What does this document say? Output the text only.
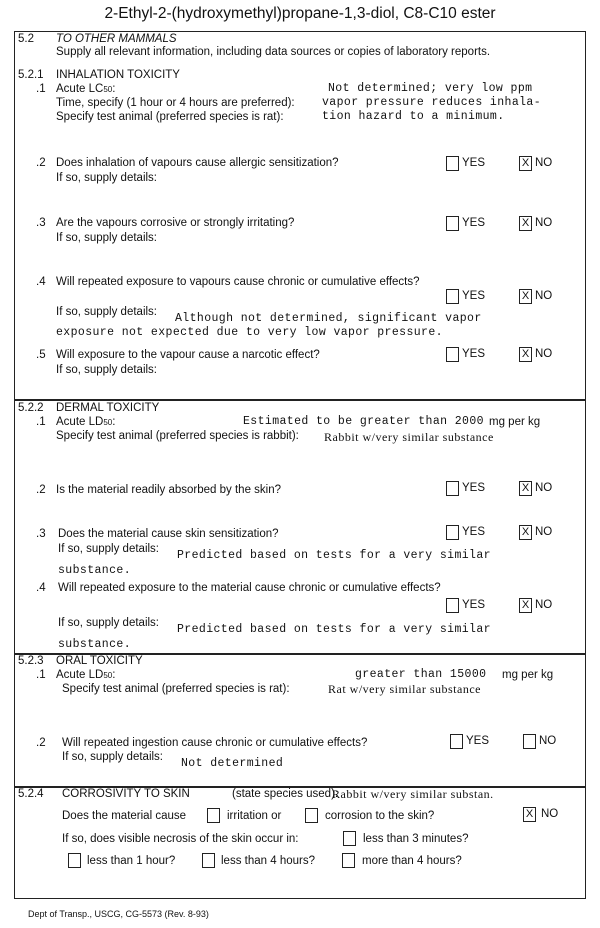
2-Ethyl-2-(hydroxymethyl)propane-1,3-diol, C8-C10 ester
5.2 TO OTHER MAMMALS
Supply all relevant information, including data sources or copies of laboratory reports.
5.2.1 INHALATION TOXICITY
.1 Acute LC50:	Not determined; very low ppm
Time, specify (1 hour or 4 hours are preferred): vapor pressure reduces inhala-
Specify test animal (preferred species is rat):	tion hazard to a minimum.
.2 Does inhalation of vapours cause allergic sensitization?
If so, supply details:
YES	X NO
.3 Are the vapours corrosive or strongly irritating?
If so, supply details:
YES	X NO
.4 Will repeated exposure to vapours cause chronic or cumulative effects?
YES	X NO
If so, supply details: Although not determined, significant vapor
exposure not expected due to very low vapor pressure.
.5 Will exposure to the vapour cause a narcotic effect?
If so, supply details:
YES	X NO
5.2.2 DERMAL TOXICITY
.1 Acute LD50:	Estimated to be greater than 2000 mg per kg
Specify test animal (preferred species is rabbit): Rabbit w/very similar substance
.2 Is the material readily absorbed by the skin?	YES	X NO
.3 Does the material cause skin sensitization?
If so, supply details: Predicted based on tests for a very similar
substance.
YES	X NO
.4 Will repeated exposure to the material cause chronic or cumulative effects?
YES	X NO
If so, supply details: Predicted based on tests for a very similar
substance.
5.2.3 ORAL TOXICITY
.1 Acute LD50:	greater than 15000 mg per kg
Specify test animal (preferred species is rat):	Rat w/very similar substance
.2 Will repeated ingestion cause chronic or cumulative effects?
If so, supply details: Not determined
YES	NO
5.2.4 CORROSIVITY TO SKIN	(state species used):
Rabbit w/very similar substan.
Does the material cause	irritation or	corrosion to the skin?	X NO
If so, does visible necrosis of the skin occur in:	less than 3 minutes?
less than 1 hour?	less than 4 hours?	more than 4 hours?
Dept of Transp., USCG, CG-5573 (Rev. 8-93)
